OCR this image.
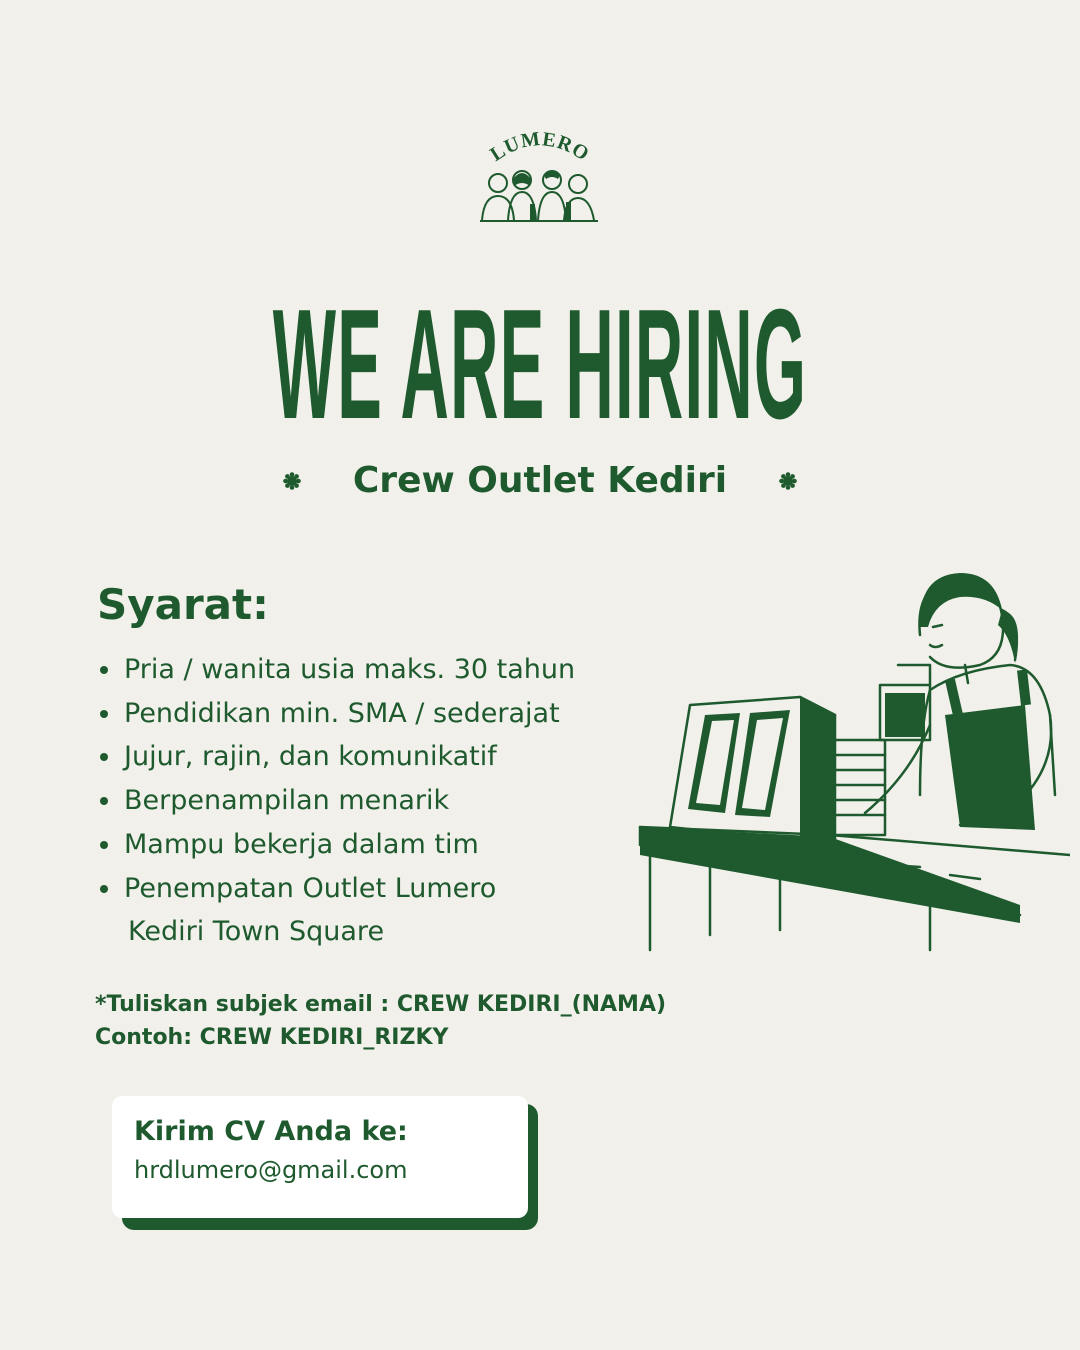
LUMERO
WE ARE HIRING
Crew Outlet Kediri
Syarat:
Pria / wanita usia maks. 30 tahun
Pendidikan min. SMA / sederajat
Jujur, rajin, dan komunikatif
Berpenampilan menarik
Mampu bekerja dalam tim
Penempatan Outlet Lumero
Kediri Town Square
*Tuliskan subjek email : CREW KEDIRI_(NAMA)
Contoh: CREW KEDIRI_RIZKY
Kirim CV Anda ke:
hrdlumero@gmail.com
